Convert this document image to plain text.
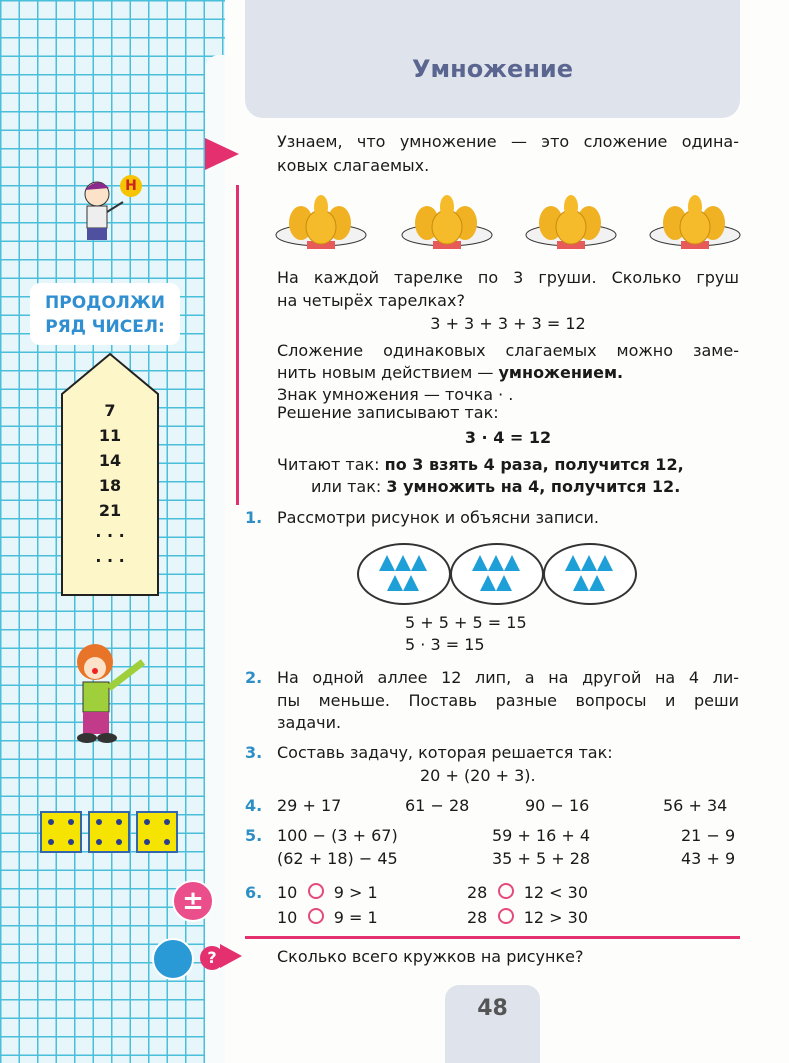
ПРОДОЛЖИ
РЯД ЧИСЕЛ:
7
11
14
18
21
· · ·
· · ·
Н
±
?
Умножение
Узнаем, что умножение — это сложение одина-
ковых слагаемых.
На каждой тарелке по 3 груши. Сколько груш
на четырёх тарелках?
3 + 3 + 3 + 3 = 12
Сложение одинаковых слагаемых можно заме-
нить новым действием — умножением.
Знак умножения — точка · .
Решение записывают так:
3 · 4 = 12
Читают так: по 3 взять 4 раза, получится 12,
или так: 3 умножить на 4, получится 12.
1. Рассмотри рисунок и объясни записи.
5 + 5 + 5 = 15
5 · 3 = 15
2. На одной аллее 12 лип, а на другой на 4 ли-
пы меньше. Поставь разные вопросы и реши
задачи.
3. Составь задачу, которая решается так:
20 + (20 + 3).
4. 29 + 17	61 − 28	90 − 16	56 + 34
5. 100 − (3 + 67)	59 + 16 + 4	21 − 9
(62 + 18) − 45	35 + 5 + 28	43 + 9
6. 10 9 > 1	28 12 < 30
10 9 = 1	28 12 > 30
Сколько всего кружков на рисунке?
48
